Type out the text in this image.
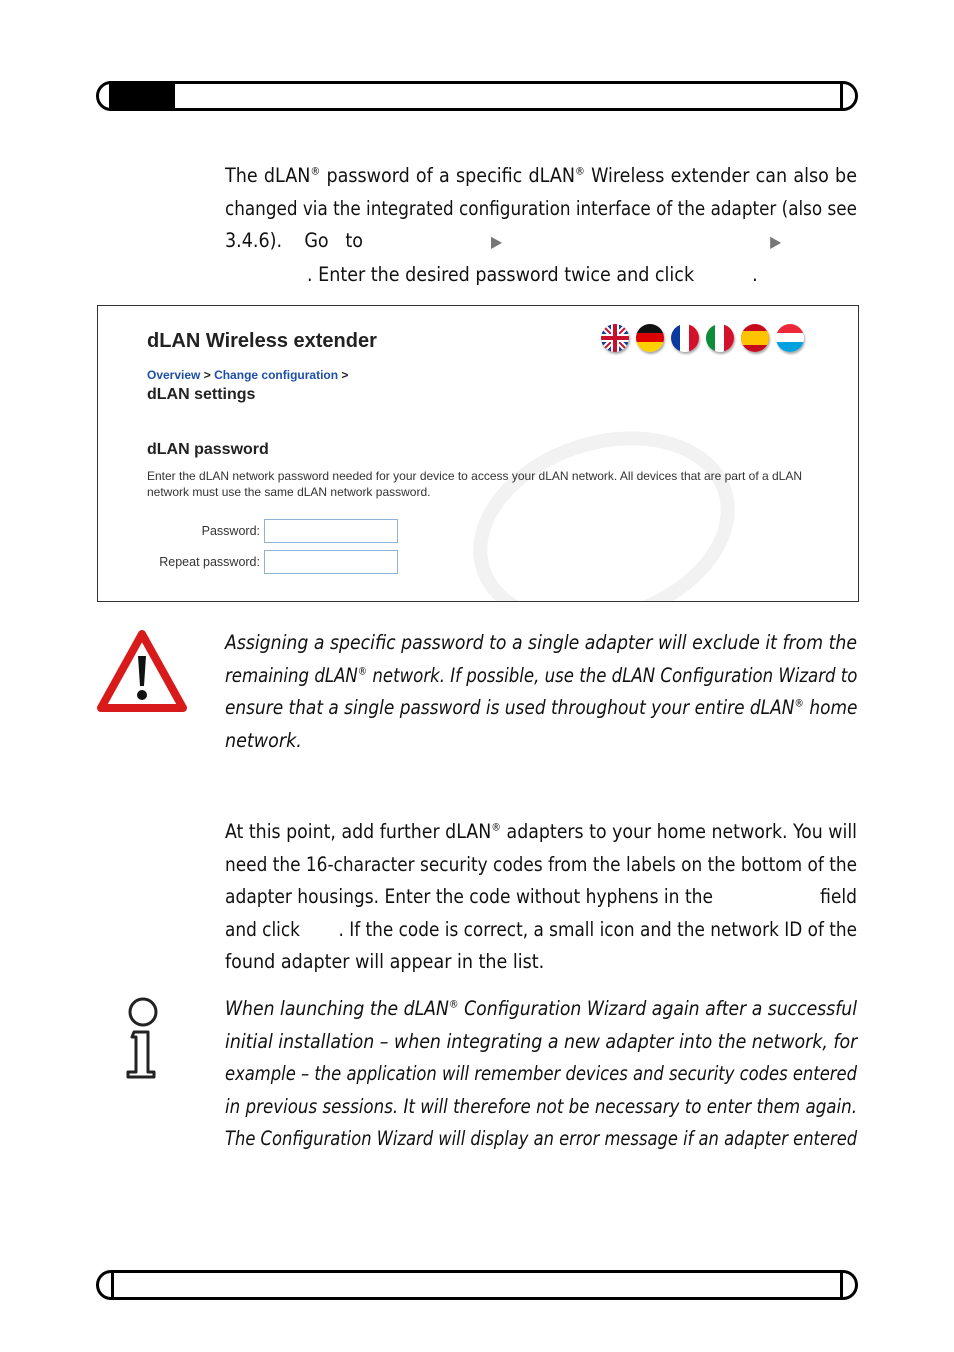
The dLAN® password of a specific dLAN® Wireless extender can also be
changed via the integrated configuration interface of the adapter (also see
3.4.6). Go to	▶	▶
. Enter the desired password twice and click	.
dLAN Wireless extender
Overview > Change configuration >
dLAN settings
dLAN password
Enter the dLAN network password needed for your device to access your dLAN network. All devices that are part of a dLAN network must use the same dLAN network password.
Password:
Repeat password:
Assigning a specific password to a single adapter will exclude it from the
remaining dLAN® network. If possible, use the dLAN Configuration Wizard to
ensure that a single password is used throughout your entire dLAN® home
network.
At this point, add further dLAN® adapters to your home network. You will
need the 16-character security codes from the labels on the bottom of the
adapter housings. Enter the code without hyphens in the	field
and click . If the code is correct, a small icon and the network ID of the
found adapter will appear in the list.
When launching the dLAN® Configuration Wizard again after a successful
initial installation – when integrating a new adapter into the network, for
example – the application will remember devices and security codes entered
in previous sessions. It will therefore not be necessary to enter them again.
The Configuration Wizard will display an error message if an adapter entered
